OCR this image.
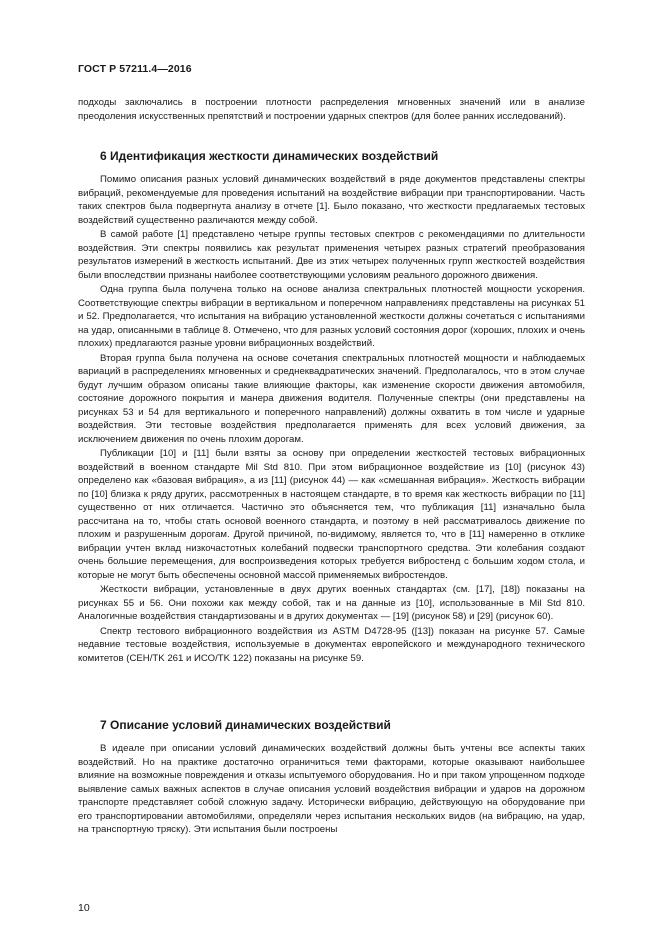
ГОСТ Р 57211.4—2016

подходы заключались в построении плотности распределения мгновенных значений или в анализе преодоления искусственных препятствий и построении ударных спектров (для более ранних исследований).

6 Идентификация жесткости динамических воздействий

Помимо описания разных условий динамических воздействий в ряде документов представлены спектры вибраций, рекомендуемые для проведения испытаний на воздействие вибрации при транспортировании. Часть таких спектров была подвергнута анализу в отчете [1]. Было показано, что жесткости предлагаемых тестовых воздействий существенно различаются между собой.

В самой работе [1] представлено четыре группы тестовых спектров с рекомендациями по длительности воздействия. Эти спектры появились как результат применения четырех разных стратегий преобразования результатов измерений в жесткость испытаний. Две из этих четырех полученных групп жесткостей воздействия были впоследствии признаны наиболее соответствующими условиям реального дорожного движения.

Одна группа была получена только на основе анализа спектральных плотностей мощности ускорения. Соответствующие спектры вибрации в вертикальном и поперечном направлениях представлены на рисунках 51 и 52. Предполагается, что испытания на вибрацию установленной жесткости должны сочетаться с испытаниями на удар, описанными в таблице 8. Отмечено, что для разных условий состояния дорог (хороших, плохих и очень плохих) предлагаются разные уровни вибрационных воздействий.

Вторая группа была получена на основе сочетания спектральных плотностей мощности и наблюдаемых вариаций в распределениях мгновенных и среднеквадратических значений. Предполагалось, что в этом случае будут лучшим образом описаны такие влияющие факторы, как изменение скорости движения автомобиля, состояние дорожного покрытия и манера движения водителя. Полученные спектры (они представлены на рисунках 53 и 54 для вертикального и поперечного направлений) должны охватить в том числе и ударные воздействия. Эти тестовые воздействия предполагается применять для всех условий движения, за исключением движения по очень плохим дорогам.

Публикации [10] и [11] были взяты за основу при определении жесткостей тестовых вибрационных воздействий в военном стандарте Mil Std 810. При этом вибрационное воздействие из [10] (рисунок 43) определено как «базовая вибрация», а из [11] (рисунок 44) — как «смешанная вибрация». Жесткость вибрации по [10] близка к ряду других, рассмотренных в настоящем стандарте, в то время как жесткость вибрации по [11] существенно от них отличается. Частично это объясняется тем, что публикация [11] изначально была рассчитана на то, чтобы стать основой военного стандарта, и поэтому в ней рассматривалось движение по плохим и разрушенным дорогам. Другой причиной, по-видимому, является то, что в [11] намеренно в отклике вибрации учтен вклад низкочастотных колебаний подвески транспортного средства. Эти колебания создают очень большие перемещения, для воспроизведения которых требуется вибростенд с большим ходом стола, и которые не могут быть обеспечены основной массой применяемых вибростендов.

Жесткости вибрации, установленные в двух других военных стандартах (см. [17], [18]) показаны на рисунках 55 и 56. Они похожи как между собой, так и на данные из [10], использованные в Mil Std 810. Аналогичные воздействия стандартизованы и в других документах — [19] (рисунок 58) и [29] (рисунок 60).

Спектр тестового вибрационного воздействия из ASTM D4728-95 ([13]) показан на рисунке 57. Самые недавние тестовые воздействия, используемые в документах европейского и международного технического комитетов (CEH/TK 261 и ИСО/TK 122) показаны на рисунке 59.

7 Описание условий динамических воздействий

В идеале при описании условий динамических воздействий должны быть учтены все аспекты таких воздействий. Но на практике достаточно ограничиться теми факторами, которые оказывают наибольшее влияние на возможные повреждения и отказы испытуемого оборудования. Но и при таком упрощенном подходе выявление самых важных аспектов в случае описания условий воздействия вибрации и ударов на дорожном транспорте представляет собой сложную задачу. Исторически вибрацию, действующую на оборудование при его транспортировании автомобилями, определяли через испытания нескольких видов (на вибрацию, на удар, на транспортную тряску). Эти испытания были построены

10
